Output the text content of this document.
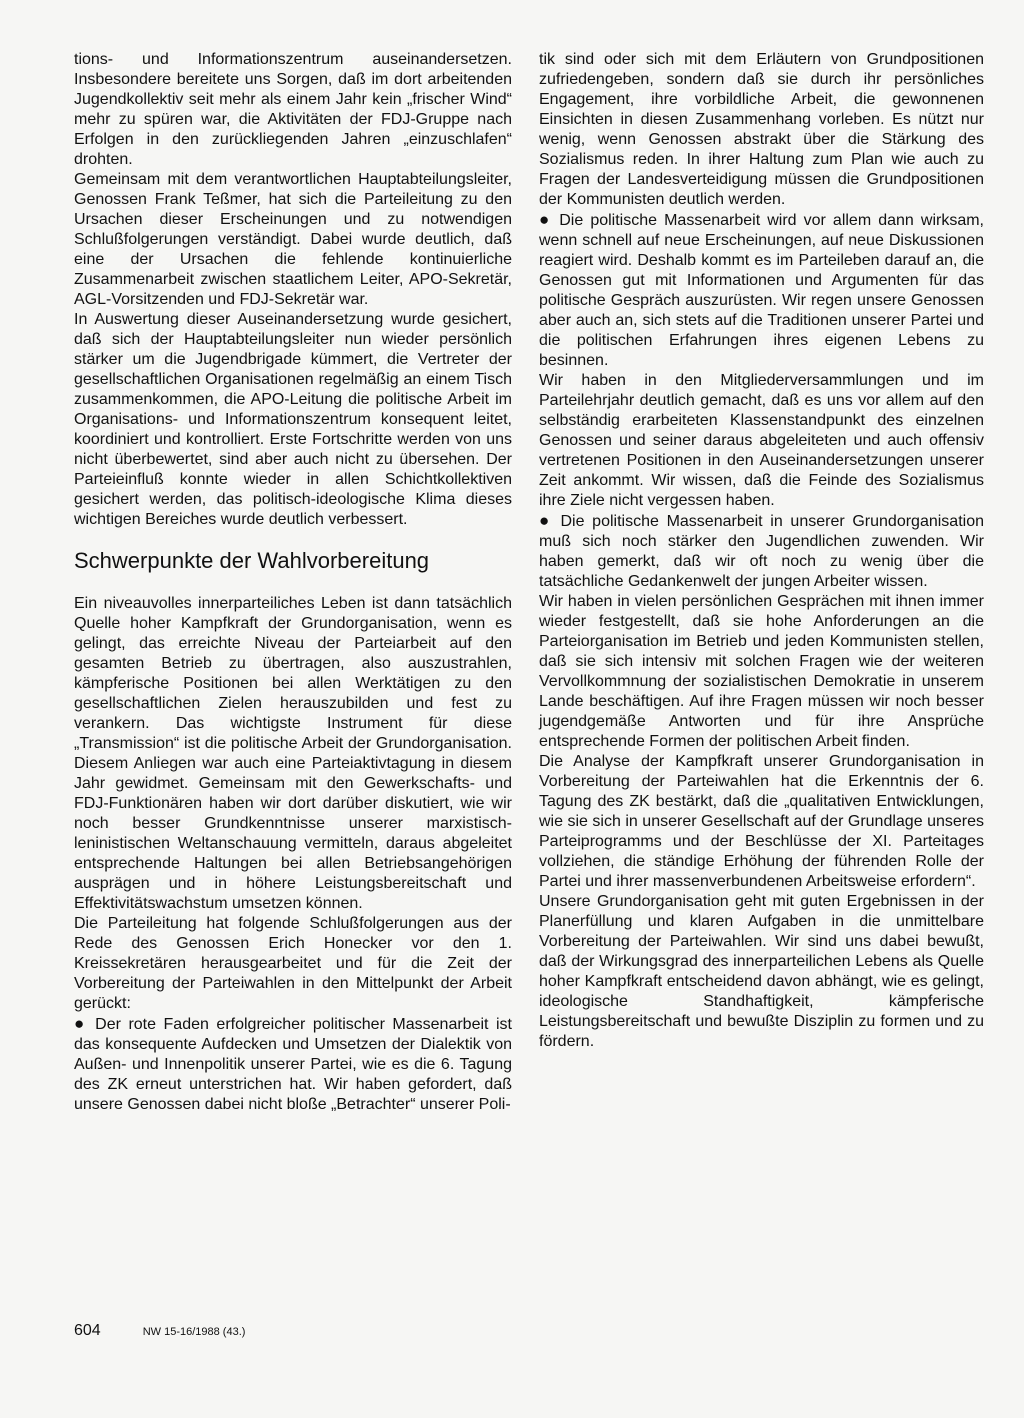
tions- und Informationszentrum auseinandersetzen. Insbesondere bereitete uns Sorgen, daß im dort arbeitenden Jugendkollektiv seit mehr als einem Jahr kein „frischer Wind“ mehr zu spüren war, die Aktivitäten der FDJ-Gruppe nach Erfolgen in den zurückliegenden Jahren „einzuschlafen“ drohten.

Gemeinsam mit dem verantwortlichen Hauptabteilungsleiter, Genossen Frank Teßmer, hat sich die Parteileitung zu den Ursachen dieser Erscheinungen und zu notwendigen Schlußfolgerungen verständigt. Dabei wurde deutlich, daß eine der Ursachen die fehlende kontinuierliche Zusammenarbeit zwischen staatlichem Leiter, APO-Sekretär, AGL-Vorsitzenden und FDJ-Sekretär war.

In Auswertung dieser Auseinandersetzung wurde gesichert, daß sich der Hauptabteilungsleiter nun wieder persönlich stärker um die Jugendbrigade kümmert, die Vertreter der gesellschaftlichen Organisationen regelmäßig an einem Tisch zusammenkommen, die APO-Leitung die politische Arbeit im Organisations- und Informationszentrum konsequent leitet, koordiniert und kontrolliert. Erste Fortschritte werden von uns nicht überbewertet, sind aber auch nicht zu übersehen. Der Parteieinfluß konnte wieder in allen Schichtkollektiven gesichert werden, das politisch-ideologische Klima dieses wichtigen Bereiches wurde deutlich verbessert.

Schwerpunkte der Wahlvorbereitung

Ein niveauvolles innerparteiliches Leben ist dann tatsächlich Quelle hoher Kampfkraft der Grundorganisation, wenn es gelingt, das erreichte Niveau der Parteiarbeit auf den gesamten Betrieb zu übertragen, also auszustrahlen, kämpferische Positionen bei allen Werktätigen zu den gesellschaftlichen Zielen herauszubilden und fest zu verankern. Das wichtigste Instrument für diese „Transmission“ ist die politische Arbeit der Grundorganisation. Diesem Anliegen war auch eine Parteiaktivtagung in diesem Jahr gewidmet. Gemeinsam mit den Gewerkschafts- und FDJ-Funktionären haben wir dort darüber diskutiert, wie wir noch besser Grundkenntnisse unserer marxistisch-leninistischen Weltanschauung vermitteln, daraus abgeleitet entsprechende Haltungen bei allen Betriebsangehörigen ausprägen und in höhere Leistungsbereitschaft und Effektivitätswachstum umsetzen können.

Die Parteileitung hat folgende Schlußfolgerungen aus der Rede des Genossen Erich Honecker vor den 1. Kreissekretären herausgearbeitet und für die Zeit der Vorbereitung der Parteiwahlen in den Mittelpunkt der Arbeit gerückt:

● Der rote Faden erfolgreicher politischer Massenarbeit ist das konsequente Aufdecken und Umsetzen der Dialektik von Außen- und Innenpolitik unserer Partei, wie es die 6. Tagung des ZK erneut unterstrichen hat. Wir haben gefordert, daß unsere Genossen dabei nicht bloße „Betrachter“ unserer Poli-

tik sind oder sich mit dem Erläutern von Grundpositionen zufriedengeben, sondern daß sie durch ihr persönliches Engagement, ihre vorbildliche Arbeit, die gewonnenen Einsichten in diesen Zusammenhang vorleben. Es nützt nur wenig, wenn Genossen abstrakt über die Stärkung des Sozialismus reden. In ihrer Haltung zum Plan wie auch zu Fragen der Landesverteidigung müssen die Grundpositionen der Kommunisten deutlich werden.

● Die politische Massenarbeit wird vor allem dann wirksam, wenn schnell auf neue Erscheinungen, auf neue Diskussionen reagiert wird. Deshalb kommt es im Parteileben darauf an, die Genossen gut mit Informationen und Argumenten für das politische Gespräch auszurüsten. Wir regen unsere Genossen aber auch an, sich stets auf die Traditionen unserer Partei und die politischen Erfahrungen ihres eigenen Lebens zu besinnen.

Wir haben in den Mitgliederversammlungen und im Parteilehrjahr deutlich gemacht, daß es uns vor allem auf den selbständig erarbeiteten Klassenstandpunkt des einzelnen Genossen und seiner daraus abgeleiteten und auch offensiv vertretenen Positionen in den Auseinandersetzungen unserer Zeit ankommt. Wir wissen, daß die Feinde des Sozialismus ihre Ziele nicht vergessen haben.

● Die politische Massenarbeit in unserer Grundorganisation muß sich noch stärker den Jugendlichen zuwenden. Wir haben gemerkt, daß wir oft noch zu wenig über die tatsächliche Gedankenwelt der jungen Arbeiter wissen.

Wir haben in vielen persönlichen Gesprächen mit ihnen immer wieder festgestellt, daß sie hohe Anforderungen an die Parteiorganisation im Betrieb und jeden Kommunisten stellen, daß sie sich intensiv mit solchen Fragen wie der weiteren Vervollkommnung der sozialistischen Demokratie in unserem Lande beschäftigen. Auf ihre Fragen müssen wir noch besser jugendgemäße Antworten und für ihre Ansprüche entsprechende Formen der politischen Arbeit finden.

Die Analyse der Kampfkraft unserer Grundorganisation in Vorbereitung der Parteiwahlen hat die Erkenntnis der 6. Tagung des ZK bestärkt, daß die „qualitativen Entwicklungen, wie sie sich in unserer Gesellschaft auf der Grundlage unseres Parteiprogramms und der Beschlüsse der XI. Parteitages vollziehen, die ständige Erhöhung der führenden Rolle der Partei und ihrer massenverbundenen Arbeitsweise erfordern“.

Unsere Grundorganisation geht mit guten Ergebnissen in der Planerfüllung und klaren Aufgaben in die unmittelbare Vorbereitung der Parteiwahlen. Wir sind uns dabei bewußt, daß der Wirkungsgrad des innerparteilichen Lebens als Quelle hoher Kampfkraft entscheidend davon abhängt, wie es gelingt, ideologische Standhaftigkeit, kämpferische Leistungsbereitschaft und bewußte Disziplin zu formen und zu fördern.

604	NW 15-16/1988 (43.)
